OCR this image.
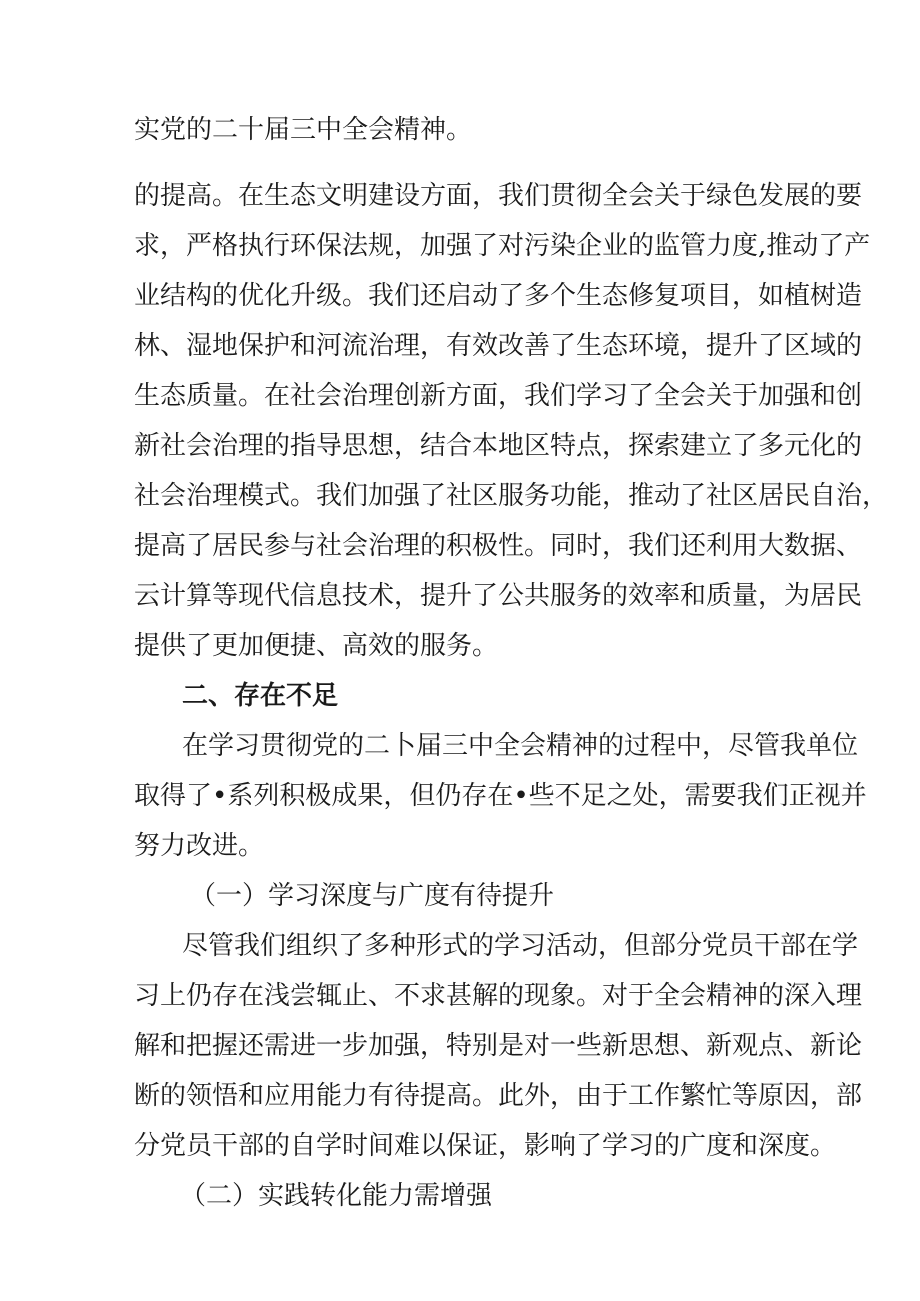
实党的二十届三中全会精神。

的提高。在生态文明建设方面，我们贯彻全会关于绿色发展的要

求，严格执行环保法规，加强了对污染企业的监管力度,推动了产

业结构的优化升级。我们还启动了多个生态修复项目，如植树造

林、湿地保护和河流治理，有效改善了生态环境，提升了区域的

生态质量。在社会治理创新方面，我们学习了全会关于加强和创

新社会治理的指导思想，结合本地区特点，探索建立了多元化的

社会治理模式。我们加强了社区服务功能，推动了社区居民自治，

提高了居民参与社会治理的积极性。同时，我们还利用大数据、

云计算等现代信息技术，提升了公共服务的效率和质量，为居民

提供了更加便捷、高效的服务。

二、存在不足

在学习贯彻党的二卜届三中全会精神的过程中，尽管我单位

取得了•系列积极成果，但仍存在•些不足之处，需要我们正视并

努力改进。

（一）学习深度与广度有待提升

尽管我们组织了多种形式的学习活动，但部分党员干部在学

习上仍存在浅尝辄止、不求甚解的现象。对于全会精神的深入理

解和把握还需进一步加强，特别是对一些新思想、新观点、新论

断的领悟和应用能力有待提高。此外，由于工作繁忙等原因，部

分党员干部的自学时间难以保证，影响了学习的广度和深度。

（二）实践转化能力需增强
